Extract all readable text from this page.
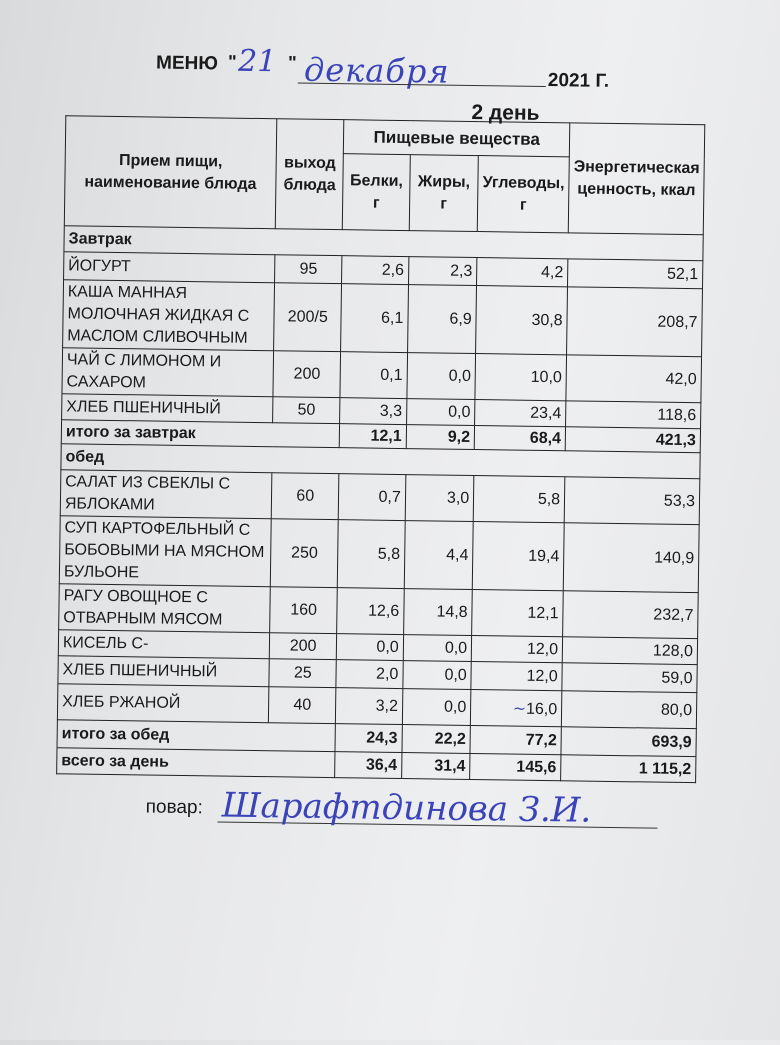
МЕНЮ " 21 " декабря	2021 Г.
2 день
Прием пищи, наименование блюда	выход блюда	Пищевые вещества			Энергетическая ценность, ккал
		Белки, г	Жиры, г	Углеводы, г	
Завтрак					
ЙОГУРТ	95	2,6	2,3	4,2	52,1
КАША МАННАЯ МОЛОЧНАЯ ЖИДКАЯ С МАСЛОМ СЛИВОЧНЫМ	200/5	6,1	6,9	30,8	208,7
ЧАЙ С ЛИМОНОМ И САХАРОМ	200	0,1	0,0	10,0	42,0
ХЛЕБ ПШЕНИЧНЫЙ	50	3,3	0,0	23,4	118,6
итого за завтрак		12,1	9,2	68,4	421,3
обед					
САЛАТ ИЗ СВЕКЛЫ С ЯБЛОКАМИ	60	0,7	3,0	5,8	53,3
СУП КАРТОФЕЛЬНЫЙ С БОБОВЫМИ НА МЯСНОМ БУЛЬОНЕ	250	5,8	4,4	19,4	140,9
РАГУ ОВОЩНОЕ С ОТВАРНЫМ МЯСОМ	160	12,6	14,8	12,1	232,7
КИСЕЛЬ С-	200	0,0	0,0	12,0	128,0
ХЛЕБ ПШЕНИЧНЫЙ	25	2,0	0,0	12,0	59,0
ХЛЕБ РЖАНОЙ	40	3,2	0,0	~16,0	80,0
итого за обед		24,3	22,2	77,2	693,9
всего за день		36,4	31,4	145,6	1 115,2
повар: Шарафтдинова З.И.
